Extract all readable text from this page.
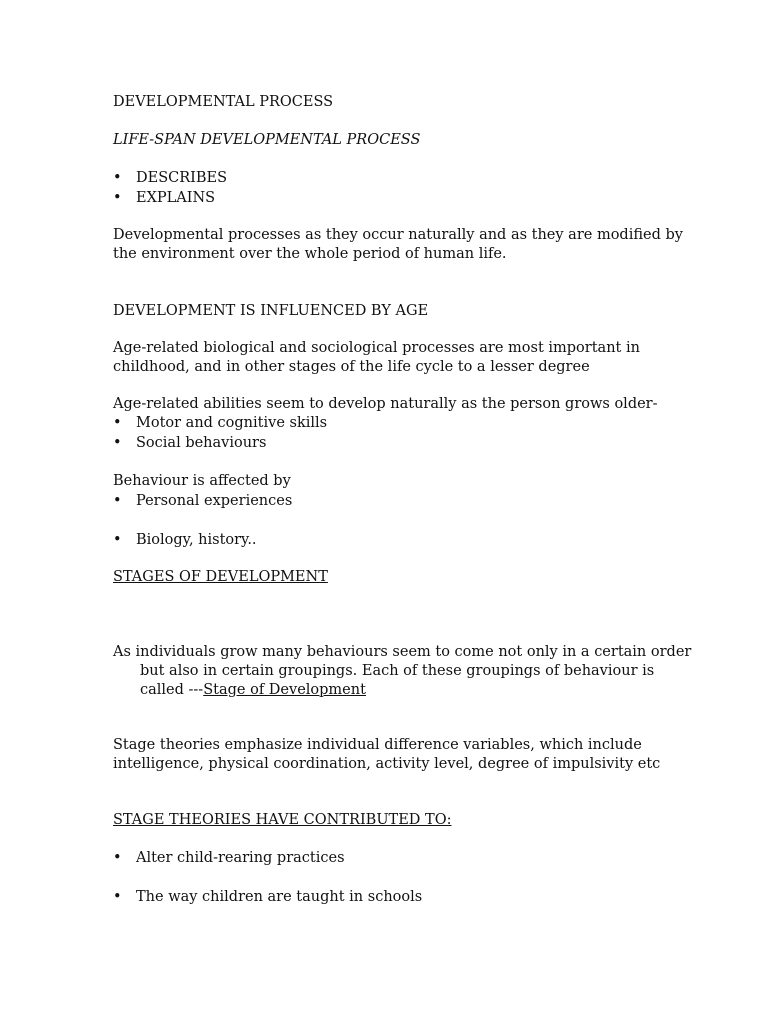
DEVELOPMENTAL PROCESS

LIFE-SPAN DEVELOPMENTAL PROCESS

• DESCRIBES
• EXPLAINS

Developmental processes as they occur naturally and as they are modified by

the environment over the whole period of human life.

DEVELOPMENT IS INFLUENCED BY AGE

Age-related biological and sociological processes are most important in

childhood, and in other stages of the life cycle to a lesser degree

Age-related abilities seem to develop naturally as the person grows older-

• Motor and cognitive skills
• Social behaviours

Behaviour is affected by

• Personal experiences
• Biology, history..

STAGES OF DEVELOPMENT

As individuals grow many behaviours seem to come not only in a certain order

but also in certain groupings. Each of these groupings of behaviour is

called ---Stage of Development

Stage theories emphasize individual difference variables, which include

intelligence, physical coordination, activity level, degree of impulsivity etc

STAGE THEORIES HAVE CONTRIBUTED TO:

• Alter child-rearing practices
• The way children are taught in schools
